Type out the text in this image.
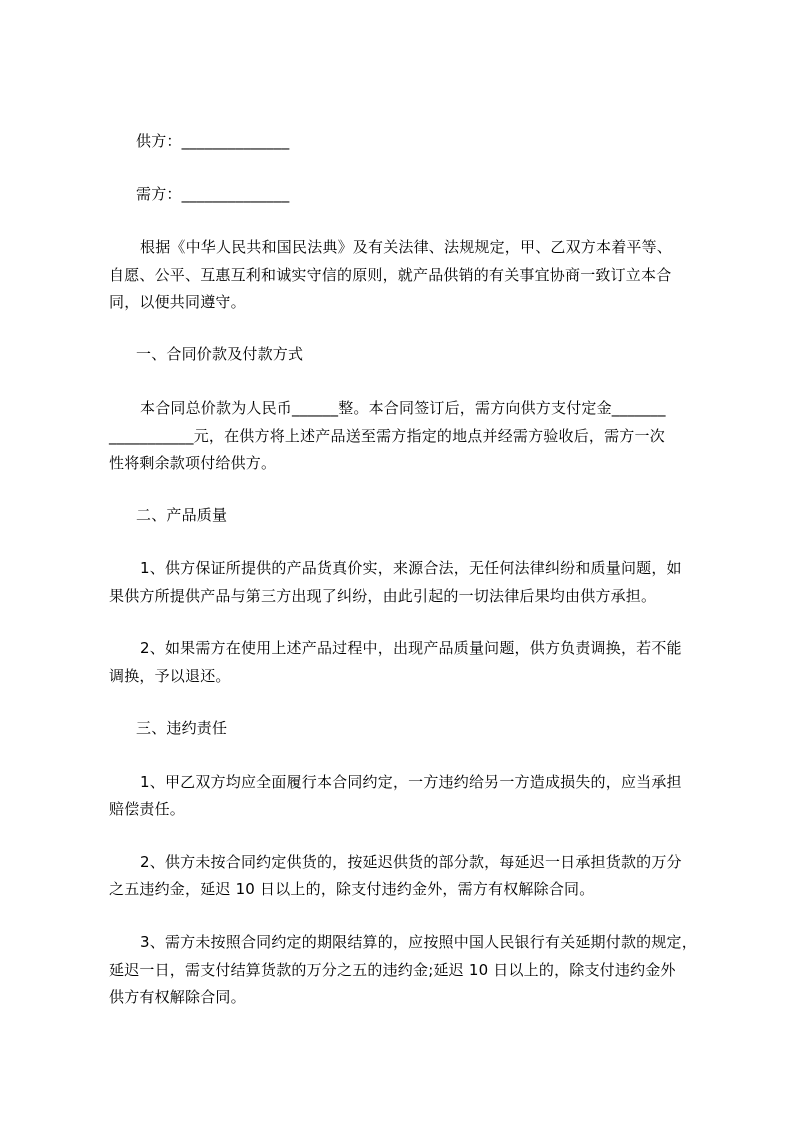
供方：______________
需方：______________
根据《中华人民共和国民法典》及有关法律、法规规定，甲、乙双方本着平等、
自愿、公平、互惠互利和诚实守信的原则，就产品供销的有关事宜协商一致订立本合
同，以便共同遵守。
一、合同价款及付款方式
本合同总价款为人民币______整。本合同签订后，需方向供方支付定金_______
___________元，在供方将上述产品送至需方指定的地点并经需方验收后，需方一次
性将剩余款项付给供方。
二、产品质量
1、供方保证所提供的产品货真价实，来源合法，无任何法律纠纷和质量问题，如
果供方所提供产品与第三方出现了纠纷，由此引起的一切法律后果均由供方承担。
2、如果需方在使用上述产品过程中，出现产品质量问题，供方负责调换，若不能
调换，予以退还。
三、违约责任
1、甲乙双方均应全面履行本合同约定，一方违约给另一方造成损失的，应当承担
赔偿责任。
2、供方未按合同约定供货的，按延迟供货的部分款，每延迟一日承担货款的万分
之五违约金，延迟 10 日以上的，除支付违约金外，需方有权解除合同。
3、需方未按照合同约定的期限结算的，应按照中国人民银行有关延期付款的规定，
延迟一日，需支付结算货款的万分之五的违约金;延迟 10 日以上的，除支付违约金外
供方有权解除合同。
